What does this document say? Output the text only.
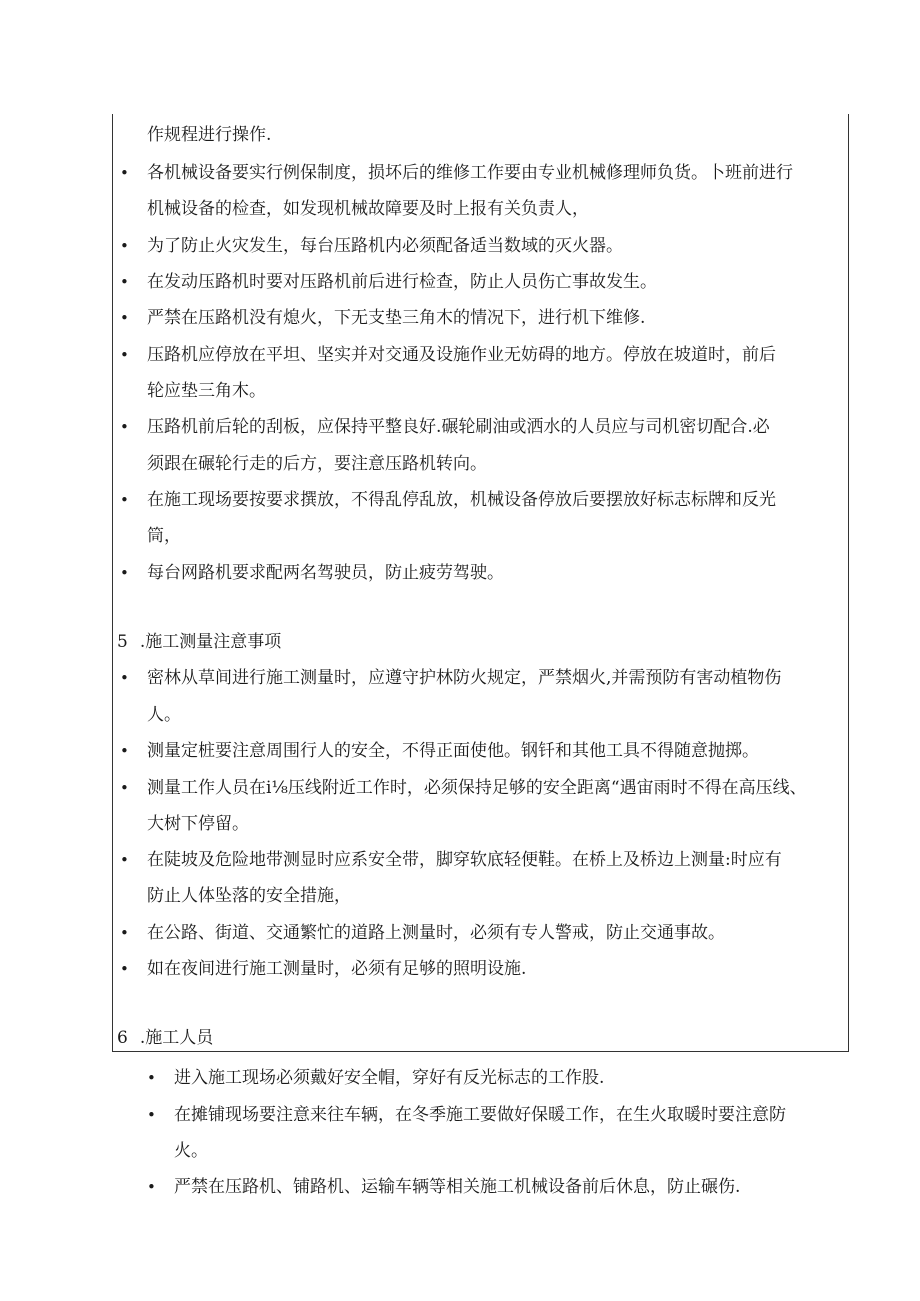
作规程进行操作.
• 各机械设备要实行例保制度，损坏后的维修工作要由专业机械修理师负货。卜班前进行
机械设备的检查，如发现机械故障要及时上报有关负责人，
• 为了防止火灾发生，每台压路机内必须配备适当数域的灭火器。
• 在发动压路机时要对压路机前后进行检查，防止人员伤亡事故发生。
• 严禁在压路机没有熄火，下无支垫三角木的情况下，进行机下维修.
• 压路机应停放在平坦、坚实并对交通及设施作业无妨碍的地方。停放在坡道时，前后
轮应垫三角木。
• 压路机前后轮的刮板，应保持平整良好.碾轮刷油或洒水的人员应与司机密切配合.必
须跟在碾轮行走的后方，要注意压路机转向。
• 在施工现场要按要求撰放，不得乱停乱放，机械设备停放后要摆放好标志标牌和反光
筒，
• 每台网路机要求配两名驾驶员，防止疲劳驾驶。
5 .施工测量注意事项
• 密林从草间进行施工测量时，应遵守护林防火规定，严禁烟火,并需预防有害动植物伤
人。
• 测量定桩要注意周围行人的安全，不得正面使他。钢钎和其他工具不得随意抛掷。
• 测量工作人员在i⅛压线附近工作时，必须保持足够的安全距离“遇宙雨时不得在高压线、
大树下停留。
• 在陡坡及危险地带测显时应系安全带，脚穿软底轻便鞋。在桥上及桥边上测量:时应有
防止人体坠落的安全措施，
• 在公路、街道、交通繁忙的道路上测量时，必须有专人警戒，防止交通事故。
• 如在夜间进行施工测量时，必须有足够的照明设施.
6 .施工人员
• 进入施工现场必须戴好安全帽，穿好有反光标志的工作股.
• 在摊铺现场要注意来往车辆，在冬季施工要做好保暖工作，在生火取暖时要注意防
火。
• 严禁在压路机、铺路机、运输车辆等相关施工机械设备前后休息，防止碾伤.
